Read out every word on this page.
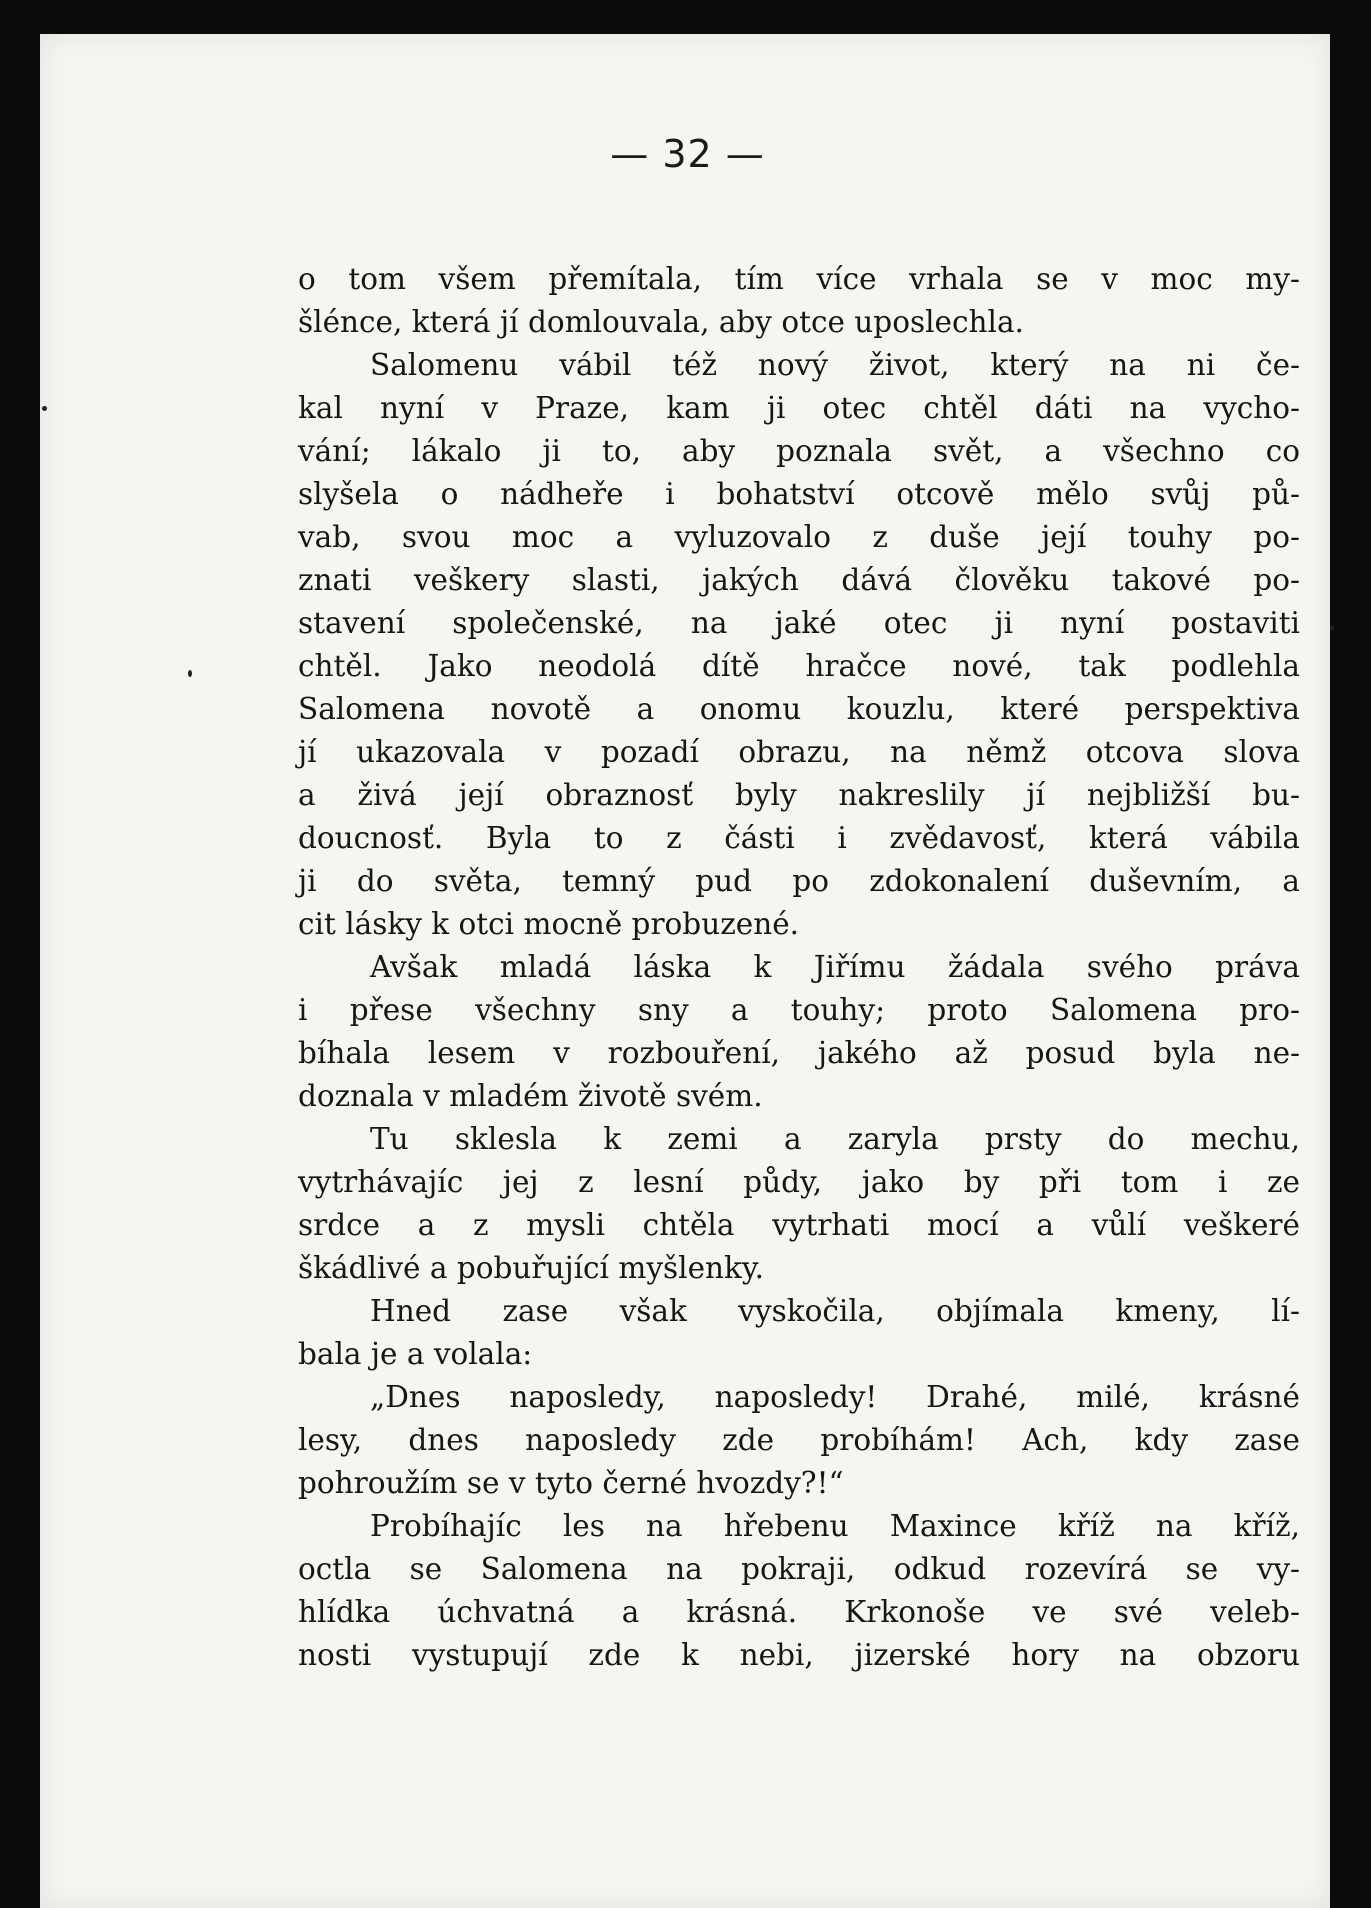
— 32 —
o tom všem přemítala, tím více vrhala se v moc my-
šlénce, která jí domlouvala, aby otce uposlechla.
Salomenu vábil též nový život, který na ni če-
kal nyní v Praze, kam ji otec chtěl dáti na vycho-
vání; lákalo ji to, aby poznala svět, a všechno co
slyšela o nádheře i bohatství otcově mělo svůj pů-
vab, svou moc a vyluzovalo z duše její touhy po-
znati veškery slasti, jakých dává člověku takové po-
stavení společenské, na jaké otec ji nyní postaviti
chtěl. Jako neodolá dítě hračce nové, tak podlehla
Salomena novotě a onomu kouzlu, které perspektiva
jí ukazovala v pozadí obrazu, na němž otcova slova
a živá její obraznosť byly nakreslily jí nejbližší bu-
doucnosť. Byla to z části i zvědavosť, která vábila
ji do světa, temný pud po zdokonalení duševním, a
cit lásky k otci mocně probuzené.
Avšak mladá láska k Jiřímu žádala svého práva
i přese všechny sny a touhy; proto Salomena pro-
bíhala lesem v rozbouření, jakého až posud byla ne-
doznala v mladém životě svém.
Tu sklesla k zemi a zaryla prsty do mechu,
vytrhávajíc jej z lesní půdy, jako by při tom i ze
srdce a z mysli chtěla vytrhati mocí a vůlí veškeré
škádlivé a pobuřující myšlenky.
Hned zase však vyskočila, objímala kmeny, lí-
bala je a volala:
„Dnes naposledy, naposledy! Drahé, milé, krásné
lesy, dnes naposledy zde probíhám! Ach, kdy zase
pohroužím se v tyto černé hvozdy?!“
Probíhajíc les na hřebenu Maxince kříž na kříž,
octla se Salomena na pokraji, odkud rozevírá se vy-
hlídka úchvatná a krásná. Krkonoše ve své veleb-
nosti vystupují zde k nebi, jizerské hory na obzoru
